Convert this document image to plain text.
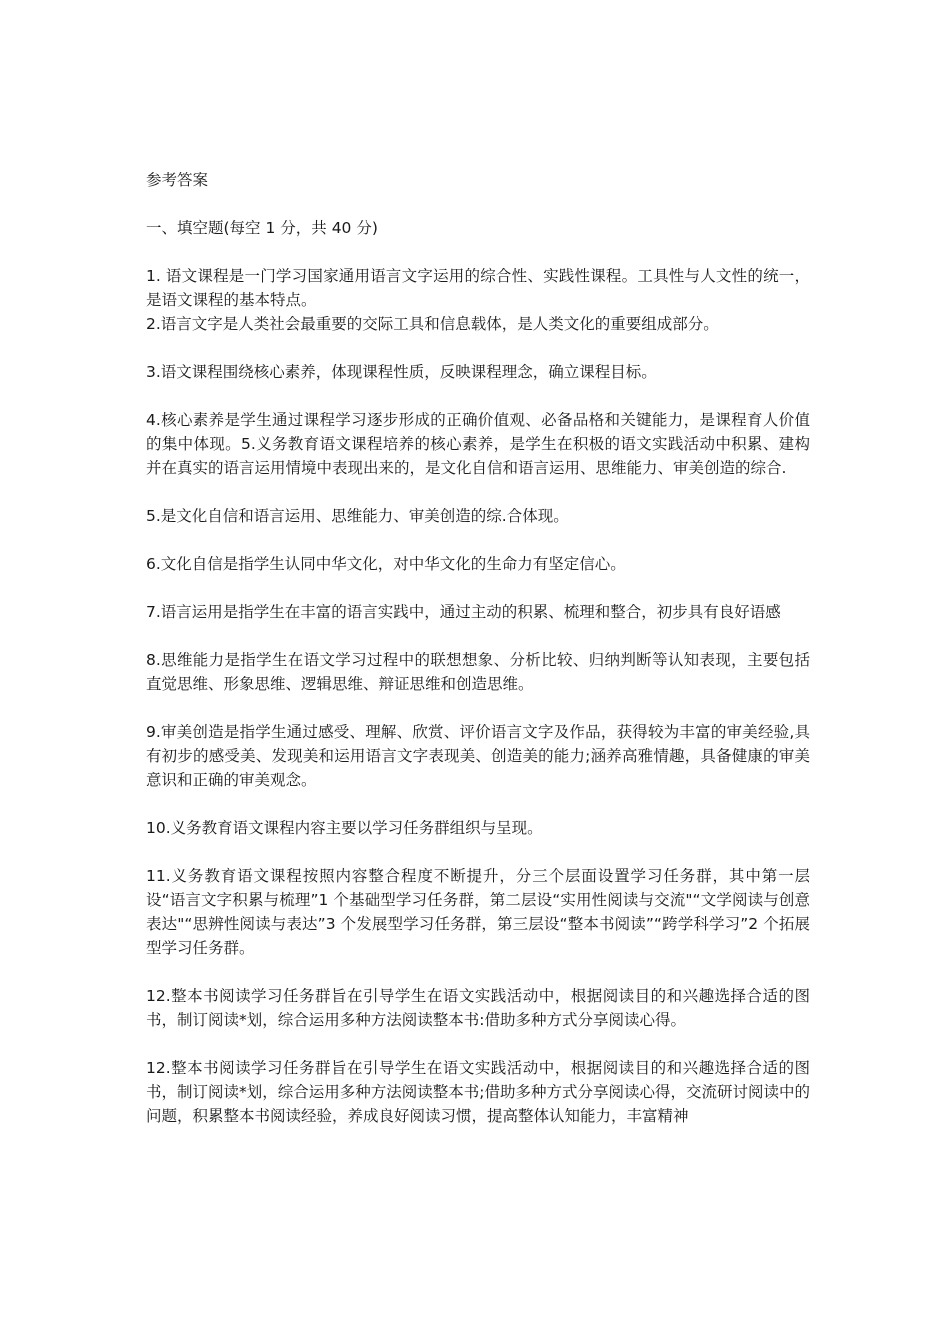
参考答案

一、填空题(每空 1 分，共 40 分)

1. 语文课程是一门学习国家通用语言文字运用的综合性、实践性课程。工具性与人文性的统一，是语文课程的基本特点。

2.语言文字是人类社会最重要的交际工具和信息载体，是人类文化的重要组成部分。

3.语文课程围绕核心素养，体现课程性质，反映课程理念，确立课程目标。

4.核心素养是学生通过课程学习逐步形成的正确价值观、必备品格和关键能力，是课程育人价值的集中体现。5.义务教育语文课程培养的核心素养，是学生在积极的语文实践活动中积累、建构并在真实的语言运用情境中表现出来的，是文化自信和语言运用、思维能力、审美创造的综合.

5.是文化自信和语言运用、思维能力、审美创造的综.合体现。

6.文化自信是指学生认同中华文化，对中华文化的生命力有坚定信心。

7.语言运用是指学生在丰富的语言实践中，通过主动的积累、梳理和整合，初步具有良好语感

8.思维能力是指学生在语文学习过程中的联想想象、分析比较、归纳判断等认知表现，主要包括直觉思维、形象思维、逻辑思维、辩证思维和创造思维。

9.审美创造是指学生通过感受、理解、欣赏、评价语言文字及作品，获得较为丰富的审美经验,具有初步的感受美、发现美和运用语言文字表现美、创造美的能力;涵养高雅情趣，具备健康的审美意识和正确的审美观念。

10.义务教育语文课程内容主要以学习任务群组织与呈现。

11.义务教育语文课程按照内容整合程度不断提升，分三个层面设置学习任务群，其中第一层设“语言文字积累与梳理”1 个基础型学习任务群，第二层设“实用性阅读与交流"“文学阅读与创意表达"“思辨性阅读与表达”3 个发展型学习任务群，第三层设“整本书阅读”“跨学科学习”2 个拓展型学习任务群。

12.整本书阅读学习任务群旨在引导学生在语文实践活动中，根据阅读目的和兴趣选择合适的图书，制订阅读*划，综合运用多种方法阅读整本书:借助多种方式分享阅读心得。

12.整本书阅读学习任务群旨在引导学生在语文实践活动中，根据阅读目的和兴趣选择合适的图书，制订阅读*划，综合运用多种方法阅读整本书;借助多种方式分享阅读心得，交流研讨阅读中的问题，积累整本书阅读经验，养成良好阅读习惯，提高整体认知能力，丰富精神
